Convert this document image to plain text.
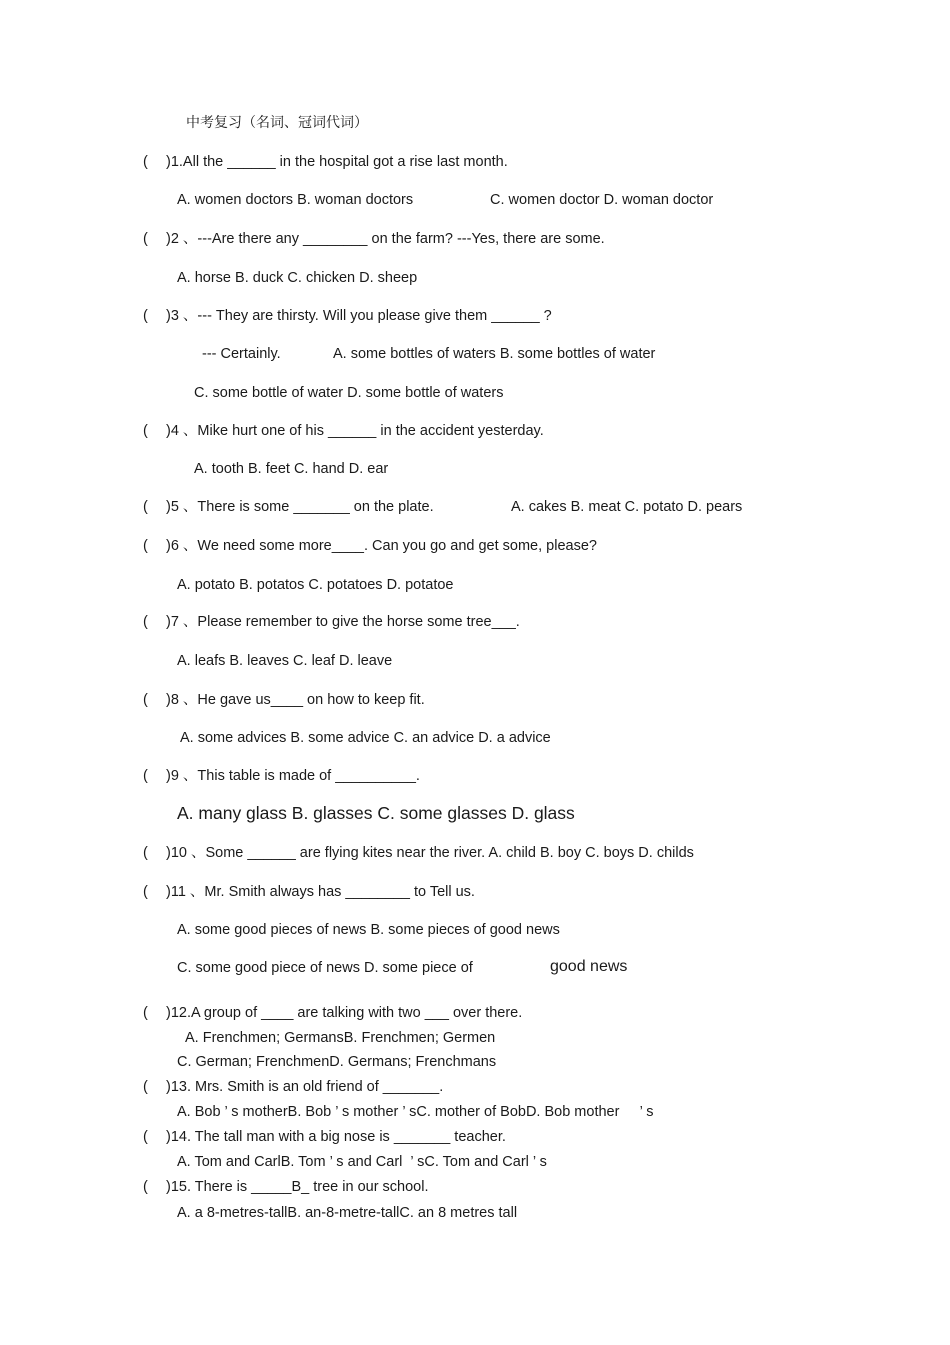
中考复习（名词、冠词代词）
( )1.All the ______ in the hospital got a rise last month.
A. women doctors B. woman doctors	C. women doctor D. woman doctor
( )2 、---Are there any ________ on the farm? ---Yes, there are some.
A. horse B. duck C. chicken D. sheep
( )3 、--- They are thirsty. Will you please give them ______ ?
--- Certainly.	A. some bottles of waters B. some bottles of water
C. some bottle of water D. some bottle of waters
( )4 、Mike hurt one of his ______ in the accident yesterday.
A. tooth B. feet C. hand D. ear
( )5 、There is some _______ on the plate.	A. cakes B. meat C. potato D. pears
( )6 、We need some more____. Can you go and get some, please?
A. potato B. potatos C. potatoes D. potatoe
( )7 、Please remember to give the horse some tree___.
A. leafs B. leaves C. leaf D. leave
( )8 、He gave us____ on how to keep fit.
A. some advices B. some advice C. an advice D. a advice
( )9 、This table is made of __________.
A. many glass B. glasses C. some glasses D. glass
( )10 、Some ______ are flying kites near the river. A. child B. boy C. boys D. childs
( )11 、Mr. Smith always has ________ to Tell us.
A. some good pieces of news B. some pieces of good news
C. some good piece of news D. some piece of	good news
( )12.A group of ____ are talking with two ___ over there.
A. Frenchmen; GermansB. Frenchmen; Germen
C. German; FrenchmenD. Germans; Frenchmans
( )13. Mrs. Smith is an old friend of _______.
A. Bob ’ s motherB. Bob ’ s mother ’ sC. mother of BobD. Bob mother     ’ s
( )14. The tall man with a big nose is _______ teacher.
A. Tom and CarlB. Tom ’ s and Carl  ’ sC. Tom and Carl ’ s
( )15. There is _____B_ tree in our school.
A. a 8-metres-tallB. an-8-metre-tallC. an 8 metres tall
